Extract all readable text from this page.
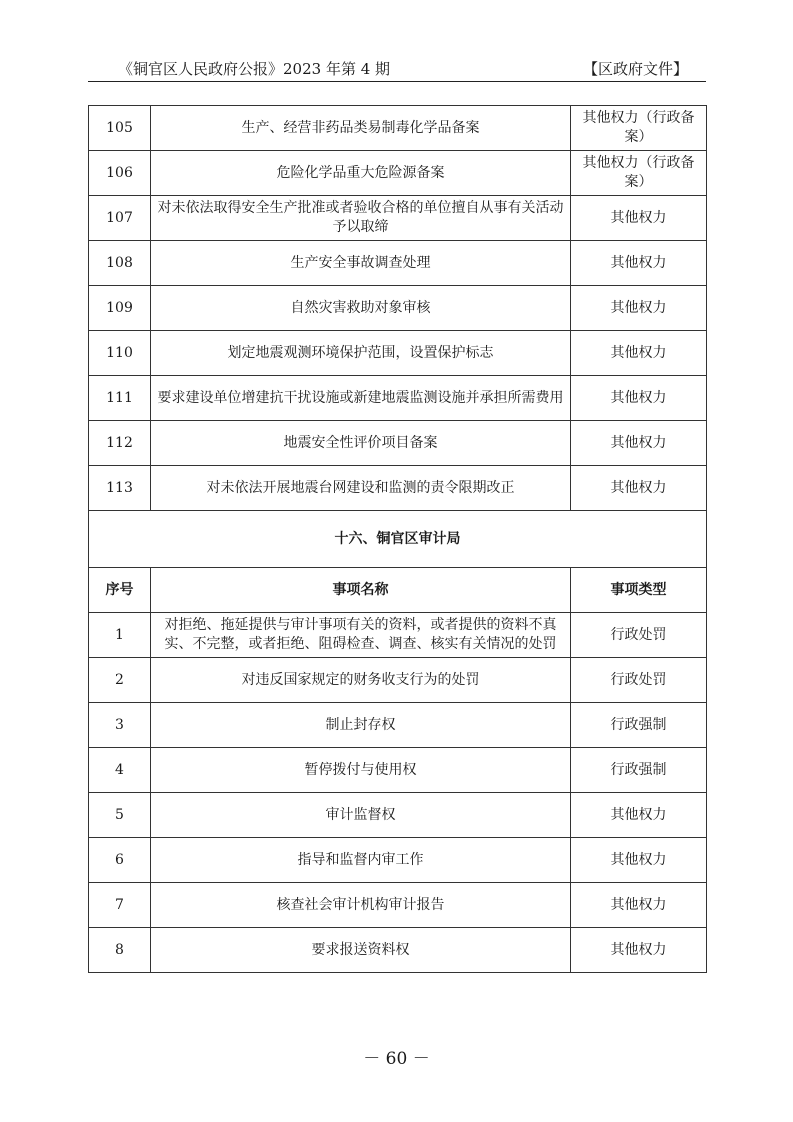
《铜官区人民政府公报》2023 年第 4 期	【区政府文件】
105	生产、经营非药品类易制毒化学品备案	其他权力（行政备案）
106	危险化学品重大危险源备案	其他权力（行政备案）
107	对未依法取得安全生产批准或者验收合格的单位擅自从事有关活动予以取缔	其他权力
108	生产安全事故调查处理	其他权力
109	自然灾害救助对象审核	其他权力
110	划定地震观测环境保护范围，设置保护标志	其他权力
111	要求建设单位增建抗干扰设施或新建地震监测设施并承担所需费用	其他权力
112	地震安全性评价项目备案	其他权力
113	对未依法开展地震台网建设和监测的责令限期改正	其他权力
十六、铜官区审计局		
序号	事项名称	事项类型
1	对拒绝、拖延提供与审计事项有关的资料，或者提供的资料不真实、不完整，或者拒绝、阻碍检查、调查、核实有关情况的处罚	行政处罚
2	对违反国家规定的财务收支行为的处罚	行政处罚
3	制止封存权	行政强制
4	暂停拨付与使用权	行政强制
5	审计监督权	其他权力
6	指导和监督内审工作	其他权力
7	核查社会审计机构审计报告	其他权力
8	要求报送资料权	其他权力
－ 60 －
